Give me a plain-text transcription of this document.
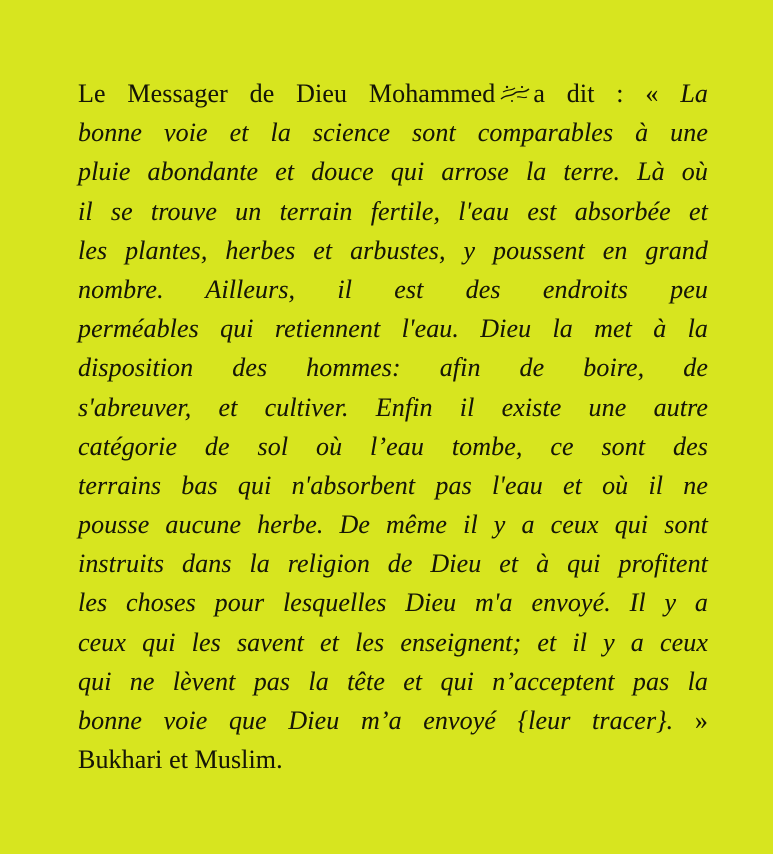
Le Messager de Dieu Mohammed a dit : « La
bonne voie et la science sont comparables à une
pluie abondante et douce qui arrose la terre. Là où
il se trouve un terrain fertile, l'eau est absorbée et
les plantes, herbes et arbustes, y poussent en grand
nombre. Ailleurs, il est des endroits peu
perméables qui retiennent l'eau. Dieu la met à la
disposition des hommes: afin de boire, de
s'abreuver, et cultiver. Enfin il existe une autre
catégorie de sol où l’eau tombe, ce sont des
terrains bas qui n'absorbent pas l'eau et où il ne
pousse aucune herbe. De même il y a ceux qui sont
instruits dans la religion de Dieu et à qui profitent
les choses pour lesquelles Dieu m'a envoyé. Il y a
ceux qui les savent et les enseignent; et il y a ceux
qui ne lèvent pas la tête et qui n’acceptent pas la
bonne voie que Dieu m’a envoyé {leur tracer}. »
Bukhari et Muslim.
